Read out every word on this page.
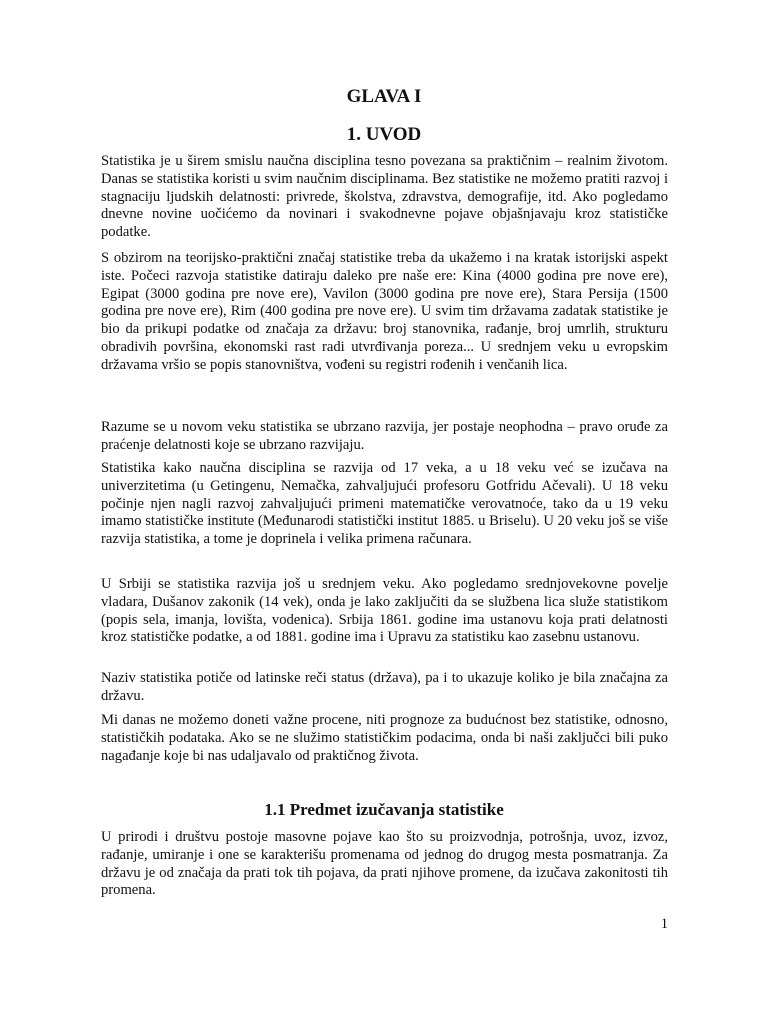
GLAVA I
1. UVOD

Statistika je u širem smislu naučna disciplina tesno povezana sa praktičnim – realnim životom. Danas se statistika koristi u svim naučnim disciplinama. Bez statistike ne možemo pratiti razvoj i stagnaciju ljudskih delatnosti: privrede, školstva, zdravstva, demografije, itd. Ako pogledamo dnevne novine uočićemo da novinari i svakodnevne pojave objašnjavaju kroz statističke podatke.

S obzirom na teorijsko-praktični značaj statistike treba da ukažemo i na kratak istorijski aspekt iste. Počeci razvoja statistike datiraju daleko pre naše ere: Kina (4000 godina pre nove ere), Egipat (3000 godina pre nove ere), Vavilon (3000 godina pre nove ere), Stara Persija (1500 godina pre nove ere), Rim (400 godina pre nove ere). U svim tim državama zadatak statistike je bio da prikupi podatke od značaja za državu: broj stanovnika, rađanje, broj umrlih, strukturu obradivih površina, ekonomski rast radi utvrđivanja poreza... U srednjem veku u evropskim državama vršio se popis stanovništva, vođeni su registri rođenih i venčanih lica.

Razume se u novom veku statistika se ubrzano razvija, jer postaje neophodna – pravo oruđe za praćenje delatnosti koje se ubrzano razvijaju.

Statistika kako naučna disciplina se razvija od 17 veka, a u 18 veku već se izučava na univerzitetima (u Getingenu, Nemačka, zahvaljujući profesoru Gotfridu Ačevali). U 18 veku počinje njen nagli razvoj zahvaljujući primeni matematičke verovatnoće, tako da u 19 veku imamo statističke institute (Međunarodi statistički institut 1885. u Briselu). U 20 veku još se više razvija statistika, a tome je doprinela i velika primena računara.

U Srbiji se statistika razvija još u srednjem veku. Ako pogledamo srednjovekovne povelje vladara, Dušanov zakonik (14 vek), onda je lako zaključiti da se službena lica služe statistikom (popis sela, imanja, lovišta, vodenica). Srbija 1861. godine ima ustanovu koja prati delatnosti kroz statističke podatke, a od 1881. godine ima i Upravu za statistiku kao zasebnu ustanovu.

Naziv statistika potiče od latinske reči status (država), pa i to ukazuje koliko je bila značajna za državu.

Mi danas ne možemo doneti važne procene, niti prognoze za budućnost bez statistike, odnosno, statističkih podataka. Ako se ne služimo statističkim podacima, onda bi naši zaključci bili puko nagađanje koje bi nas udaljavalo od praktičnog života.

1.1 Predmet izučavanja statistike

U prirodi i društvu postoje masovne pojave kao što su proizvodnja, potrošnja, uvoz, izvoz, rađanje, umiranje i one se karakterišu promenama od jednog do drugog mesta posmatranja. Za državu je od značaja da prati tok tih pojava, da prati njihove promene, da izučava zakonitosti tih promena.

1
